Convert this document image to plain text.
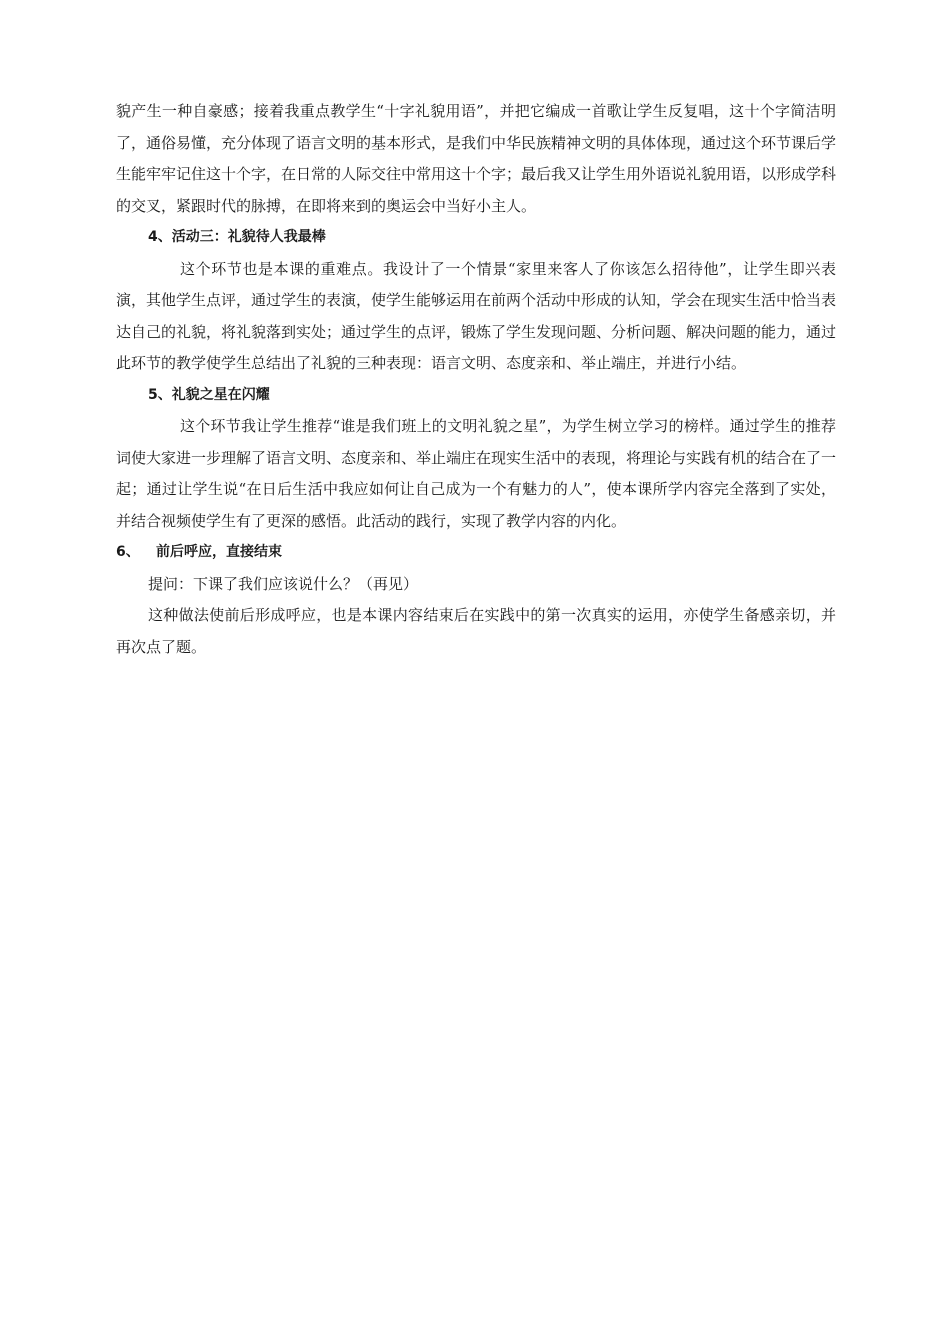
貌产生一种自豪感；接着我重点教学生“十字礼貌用语”，并把它编成一首歌让学生反复唱，这十个字简洁明了，通俗易懂，充分体现了语言文明的基本形式，是我们中华民族精神文明的具体体现，通过这个环节课后学生能牢牢记住这十个字，在日常的人际交往中常用这十个字；最后我又让学生用外语说礼貌用语，以形成学科的交叉，紧跟时代的脉搏，在即将来到的奥运会中当好小主人。

4、活动三：礼貌待人我最棒

这个环节也是本课的重难点。我设计了一个情景“家里来客人了你该怎么招待他”，让学生即兴表演，其他学生点评，通过学生的表演，使学生能够运用在前两个活动中形成的认知，学会在现实生活中恰当表达自己的礼貌，将礼貌落到实处；通过学生的点评，锻炼了学生发现问题、分析问题、解决问题的能力，通过此环节的教学使学生总结出了礼貌的三种表现：语言文明、态度亲和、举止端庄，并进行小结。

5、礼貌之星在闪耀

这个环节我让学生推荐“谁是我们班上的文明礼貌之星”，为学生树立学习的榜样。通过学生的推荐词使大家进一步理解了语言文明、态度亲和、举止端庄在现实生活中的表现，将理论与实践有机的结合在了一起；通过让学生说“在日后生活中我应如何让自己成为一个有魅力的人”，使本课所学内容完全落到了实处，并结合视频使学生有了更深的感悟。此活动的践行，实现了教学内容的内化。

6、 前后呼应，直接结束

提问：下课了我们应该说什么？（再见）

这种做法使前后形成呼应，也是本课内容结束后在实践中的第一次真实的运用，亦使学生备感亲切，并再次点了题。
